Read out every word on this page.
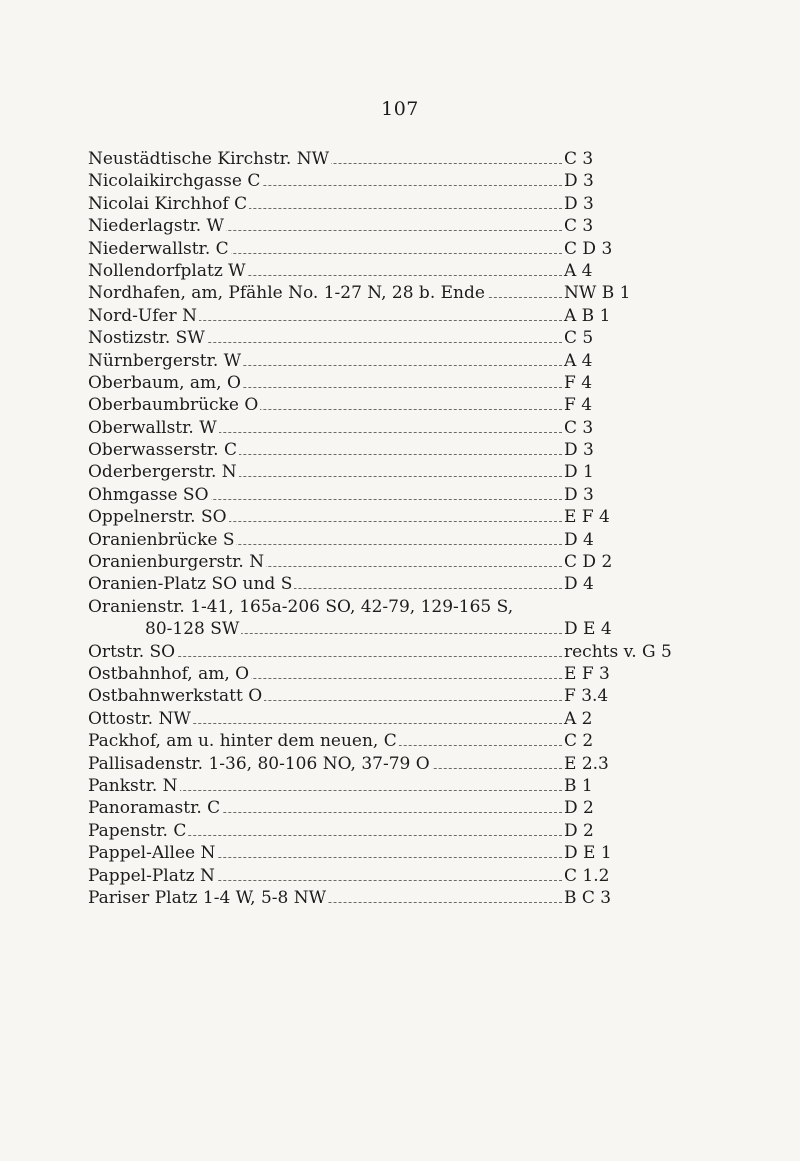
107
Neustädtische Kirchstr. NW	C 3
Nicolaikirchgasse C	D 3
Nicolai Kirchhof C	D 3
Niederlagstr. W	C 3
Niederwallstr. C	C D 3
Nollendorfplatz W	A 4
Nordhafen, am, Pfähle No. 1-27 N, 28 b. Ende	NW B 1
Nord-Ufer N	A B 1
Nostizstr. SW	C 5
Nürnbergerstr. W	A 4
Oberbaum, am, O	F 4
Oberbaumbrücke O	F 4
Oberwallstr. W	C 3
Oberwasserstr. C	D 3
Oderbergerstr. N	D 1
Ohmgasse SO	D 3
Oppelnerstr. SO	E F 4
Oranienbrücke S	D 4
Oranienburgerstr. N	C D 2
Oranien-Platz SO und S	D 4
Oranienstr. 1-41, 165a-206 SO, 42-79, 129-165 S,
80-128 SW	D E 4
Ortstr. SO	rechts v. G 5
Ostbahnhof, am, O	E F 3
Ostbahnwerkstatt O	F 3.4
Ottostr. NW	A 2
Packhof, am u. hinter dem neuen, C	C 2
Pallisadenstr. 1-36, 80-106 NO, 37-79 O	E 2.3
Pankstr. N	B 1
Panoramastr. C	D 2
Papenstr. C	D 2
Pappel-Allee N	D E 1
Pappel-Platz N	C 1.2
Pariser Platz 1-4 W, 5-8 NW	B C 3
